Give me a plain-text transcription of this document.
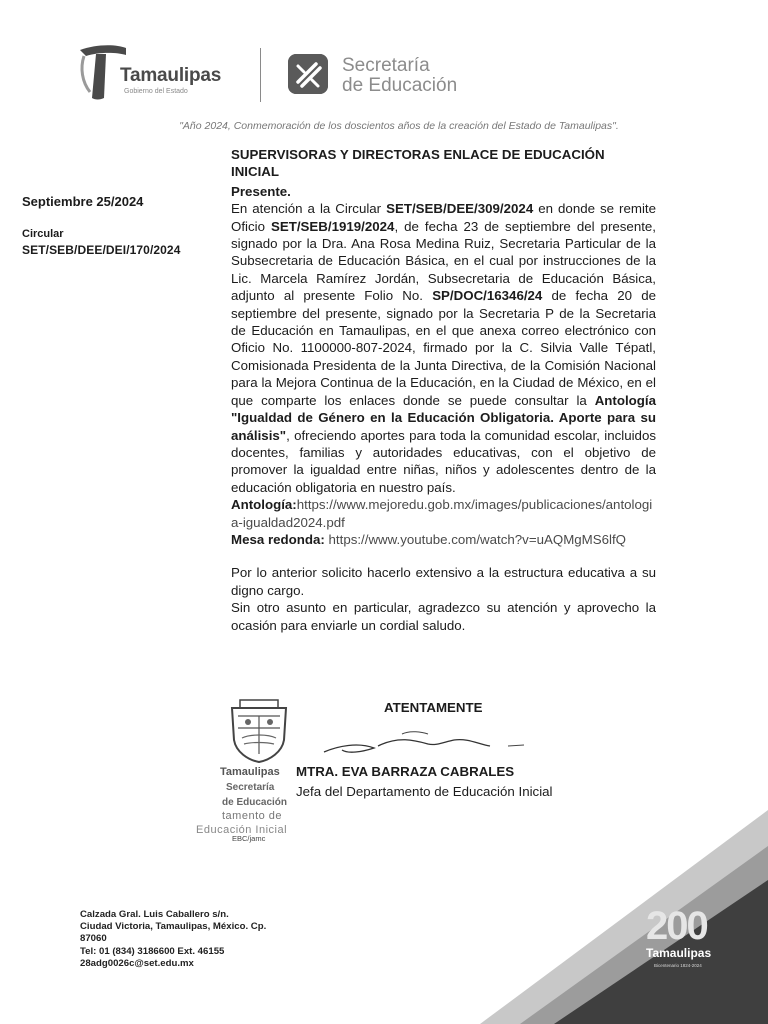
Tamaulipas
Gobierno del Estado
Secretaría
de Educación
"Año 2024, Conmemoración de los doscientos años de la creación del Estado de Tamaulipas".
Septiembre 25/2024
Circular
SET/SEB/DEE/DEI/170/2024

SUPERVISORAS Y DIRECTORAS ENLACE DE EDUCACIÓN INICIAL

Presente.

En atención a la Circular SET/SEB/DEE/309/2024 en donde se remite Oficio SET/SEB/1919/2024, de fecha 23 de septiembre del presente, signado por la Dra. Ana Rosa Medina Ruiz, Secretaria Particular de la Subsecretaria de Educación Básica, en el cual por instrucciones de la Lic. Marcela Ramírez Jordán, Subsecretaria de Educación Básica, adjunto al presente Folio No. SP/DOC/16346/24 de fecha 20 de septiembre del presente, signado por la Secretaria P de la Secretaria de Educación en Tamaulipas, en el que anexa correo electrónico con Oficio No. 1100000-807-2024, firmado por la C. Silvia Valle Tépatl, Comisionada Presidenta de la Junta Directiva, de la Comisión Nacional para la Mejora Continua de la Educación, en la Ciudad de México, en el que comparte los enlaces donde se puede consultar la Antología "Igualdad de Género en la Educación Obligatoria. Aporte para su análisis", ofreciendo aportes para toda la comunidad escolar, incluidos docentes, familias y autoridades educativas, con el objetivo de promover la igualdad entre niñas, niños y adolescentes dentro de la educación obligatoria en nuestro país.

Antología:https://www.mejoredu.gob.mx/images/publicaciones/antologia-igualdad2024.pdf

Mesa redonda: https://www.youtube.com/watch?v=uAQMgMS6lfQ

Por lo anterior solicito hacerlo extensivo a la estructura educativa a su digno cargo.

Sin otro asunto en particular, agradezco su atención y aprovecho la ocasión para enviarle un cordial saludo.

ATENTAMENTE
MTRA. EVA BARRAZA CABRALES
Jefa del Departamento de Educación Inicial
Tamaulipas
Secretaría
de Educación
tamento de
Educación Inicial
EBC/jamc
Calzada Gral. Luis Caballero s/n.
Ciudad Victoria, Tamaulipas, México. Cp.
87060
Tel: 01 (834) 3186600 Ext. 46155
28adg0026c@set.edu.mx
200
Tamaulipas
Bicentenario 1824-2024
